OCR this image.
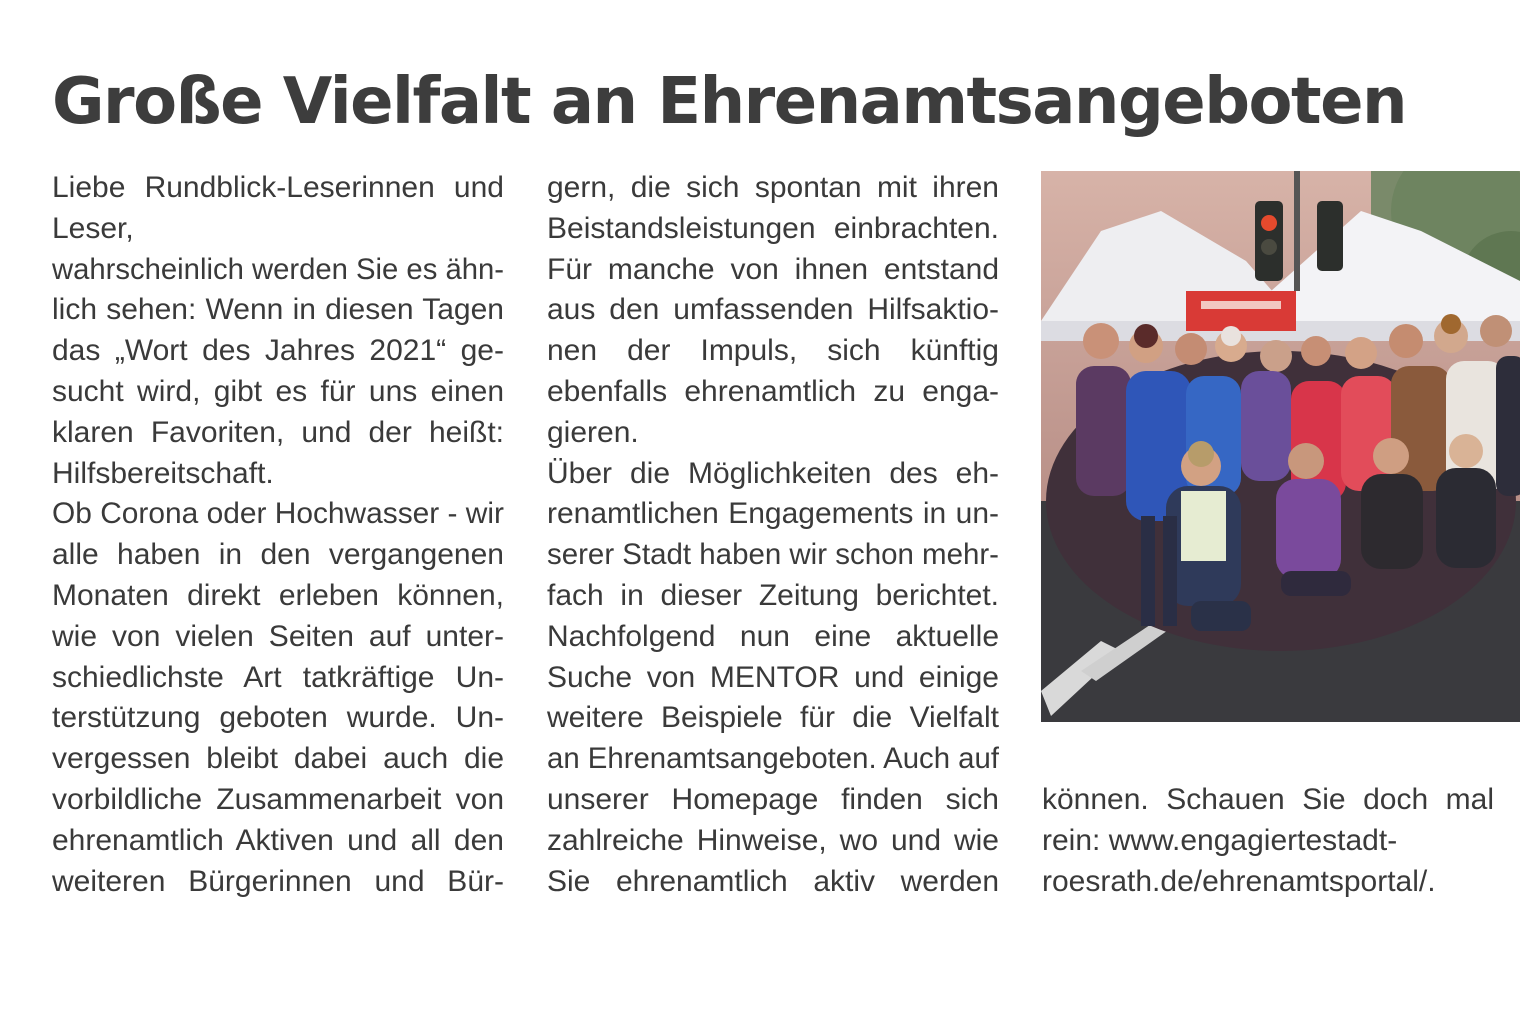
Große Vielfalt an Ehrenamtsangeboten
Liebe Rundblick-Leserinnen und
Leser,
wahrscheinlich werden Sie es ähn-
lich sehen: Wenn in diesen Tagen
das „Wort des Jahres 2021“ ge-
sucht wird, gibt es für uns einen
klaren Favoriten, und der heißt:
Hilfsbereitschaft.
Ob Corona oder Hochwasser - wir
alle haben in den vergangenen
Monaten direkt erleben können,
wie von vielen Seiten auf unter-
schiedlichste Art tatkräftige Un-
terstützung geboten wurde. Un-
vergessen bleibt dabei auch die
vorbildliche Zusammenarbeit von
ehrenamtlich Aktiven und all den
weiteren Bürgerinnen und Bür-
gern, die sich spontan mit ihren
Beistandsleistungen einbrachten.
Für manche von ihnen entstand
aus den umfassenden Hilfsaktio-
nen der Impuls, sich künftig
ebenfalls ehrenamtlich zu enga-
gieren.
Über die Möglichkeiten des eh-
renamtlichen Engagements in un-
serer Stadt haben wir schon mehr-
fach in dieser Zeitung berichtet.
Nachfolgend nun eine aktuelle
Suche von MENTOR und einige
weitere Beispiele für die Vielfalt
an Ehrenamtsangeboten. Auch auf
unserer Homepage finden sich
zahlreiche Hinweise, wo und wie
Sie ehrenamtlich aktiv werden
können. Schauen Sie doch mal
rein: www.engagiertestadt-
roesrath.de/ehrenamtsportal/.
